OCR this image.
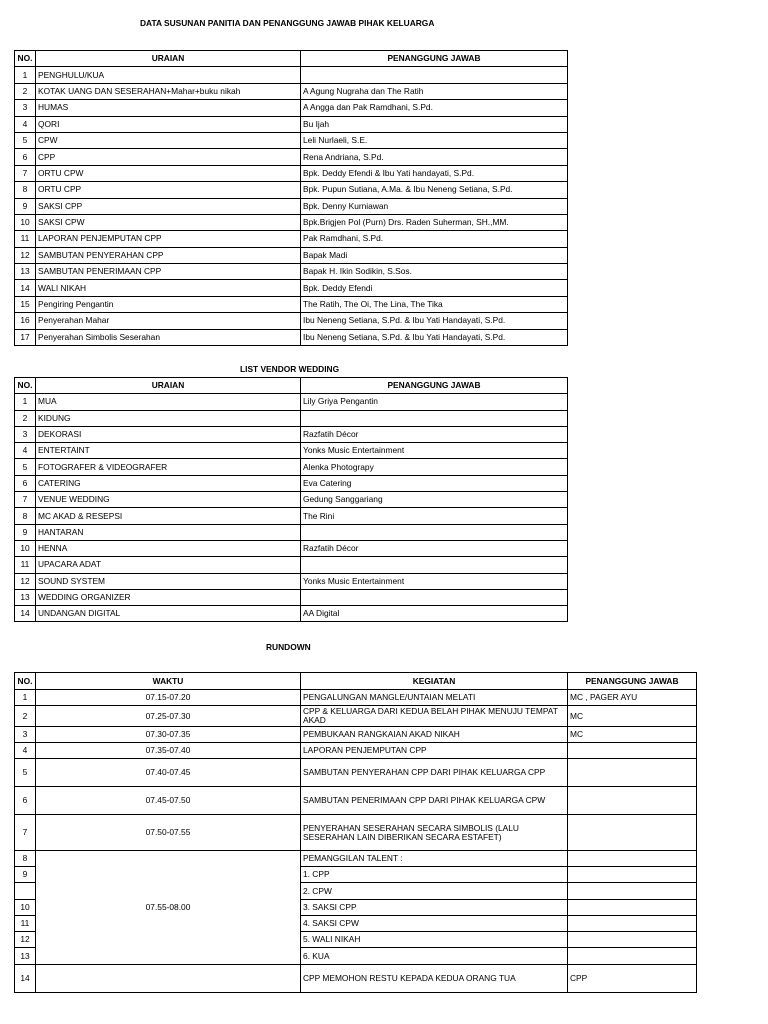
DATA SUSUNAN PANITIA DAN PENANGGUNG JAWAB PIHAK KELUARGA
NO.	URAIAN	PENANGGUNG JAWAB
1	PENGHULU/KUA	
2	KOTAK UANG DAN SESERAHAN+Mahar+buku nikah	A Agung Nugraha dan The Ratih
3	HUMAS	A Angga dan Pak Ramdhani, S.Pd.
4	QORI	Bu Ijah
5	CPW	Leli Nurlaeli, S.E.
6	CPP	Rena Andriana, S.Pd.
7	ORTU CPW	Bpk. Deddy Efendi & Ibu Yati handayati, S.Pd.
8	ORTU CPP	Bpk. Pupun Sutiana, A.Ma. & Ibu Neneng Setiana, S.Pd.
9	SAKSI CPP	Bpk. Denny Kurniawan
10	SAKSI CPW	Bpk.Brigjen Pol (Purn) Drs. Raden Suherman, SH.,MM.
11	LAPORAN PENJEMPUTAN CPP	Pak Ramdhani, S.Pd.
12	SAMBUTAN PENYERAHAN CPP	Bapak Madi
13	SAMBUTAN PENERIMAAN CPP	Bapak H. Ikin Sodikin, S.Sos.
14	WALI NIKAH	Bpk. Deddy Efendi
15	Pengiring Pengantin	The Ratih, The Oi, The Lina, The Tika
16	Penyerahan Mahar	Ibu Neneng Setiana, S.Pd. & Ibu Yati Handayati, S.Pd.
17	Penyerahan Simbolis Seserahan	Ibu Neneng Setiana, S.Pd. & Ibu Yati Handayati, S.Pd.
LIST VENDOR WEDDING
NO.	URAIAN	PENANGGUNG JAWAB
1	MUA	Lily Griya Pengantin
2	KIDUNG	
3	DEKORASI	Razfatih Décor
4	ENTERTAINT	Yonks Music Entertainment
5	FOTOGRAFER & VIDEOGRAFER	Alenka Photograpy
6	CATERING	Eva Catering
7	VENUE WEDDING	Gedung Sanggariang
8	MC AKAD & RESEPSI	The Rini
9	HANTARAN	
10	HENNA	Razfatih Décor
11	UPACARA ADAT	
12	SOUND SYSTEM	Yonks Music Entertainment
13	WEDDING ORGANIZER	
14	UNDANGAN DIGITAL	AA Digital
RUNDOWN
NO.	WAKTU	KEGIATAN	PENANGGUNG JAWAB
1	07.15-07.20	PENGALUNGAN MANGLE/UNTAIAN MELATI	MC , PAGER AYU
2	07.25-07.30	CPP & KELUARGA DARI KEDUA BELAH PIHAK MENUJU TEMPAT AKAD	MC
3	07.30-07.35	PEMBUKAAN RANGKAIAN AKAD NIKAH	MC
4	07.35-07.40	LAPORAN PENJEMPUTAN CPP	
5	07.40-07.45	SAMBUTAN PENYERAHAN CPP DARI PIHAK KELUARGA CPP	
6	07.45-07.50	SAMBUTAN PENERIMAAN CPP DARI PIHAK KELUARGA CPW	
7	07.50-07.55	PENYERAHAN SESERAHAN SECARA SIMBOLIS (LALU SESERAHAN LAIN DIBERIKAN SECARA ESTAFET)	
8	07.55-08.00	PEMANGGILAN TALENT :	
9		1. CPP	
		2. CPW	
10		3. SAKSI CPP	
11		4. SAKSI CPW	
12		5. WALI NIKAH	
13		6. KUA	
14		CPP MEMOHON RESTU KEPADA KEDUA ORANG TUA	CPP
